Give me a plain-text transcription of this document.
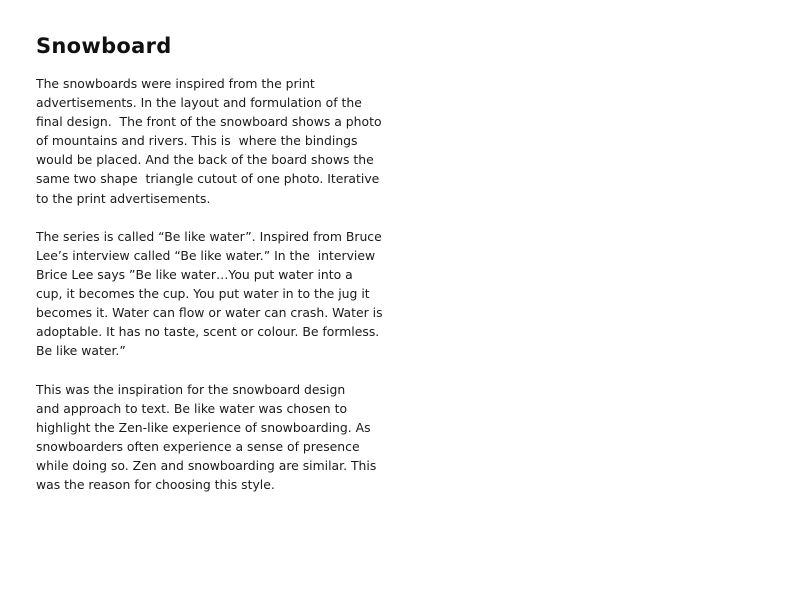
Snowboard

The snowboards were inspired from the print
advertisements. In the layout and formulation of the
final design.  The front of the snowboard shows a photo
of mountains and rivers. This is  where the bindings
would be placed. And the back of the board shows the
same two shape  triangle cutout of one photo. Iterative
to the print advertisements.

The series is called “Be like water”. Inspired from Bruce
Lee’s interview called “Be like water.” In the  interview
Brice Lee says ”Be like water…You put water into a
cup, it becomes the cup. You put water in to the jug it
becomes it. Water can flow or water can crash. Water is
adoptable. It has no taste, scent or colour. Be formless.
Be like water.”

This was the inspiration for the snowboard design
and approach to text. Be like water was chosen to
highlight the Zen-like experience of snowboarding. As
snowboarders often experience a sense of presence
while doing so. Zen and snowboarding are similar. This
was the reason for choosing this style.
